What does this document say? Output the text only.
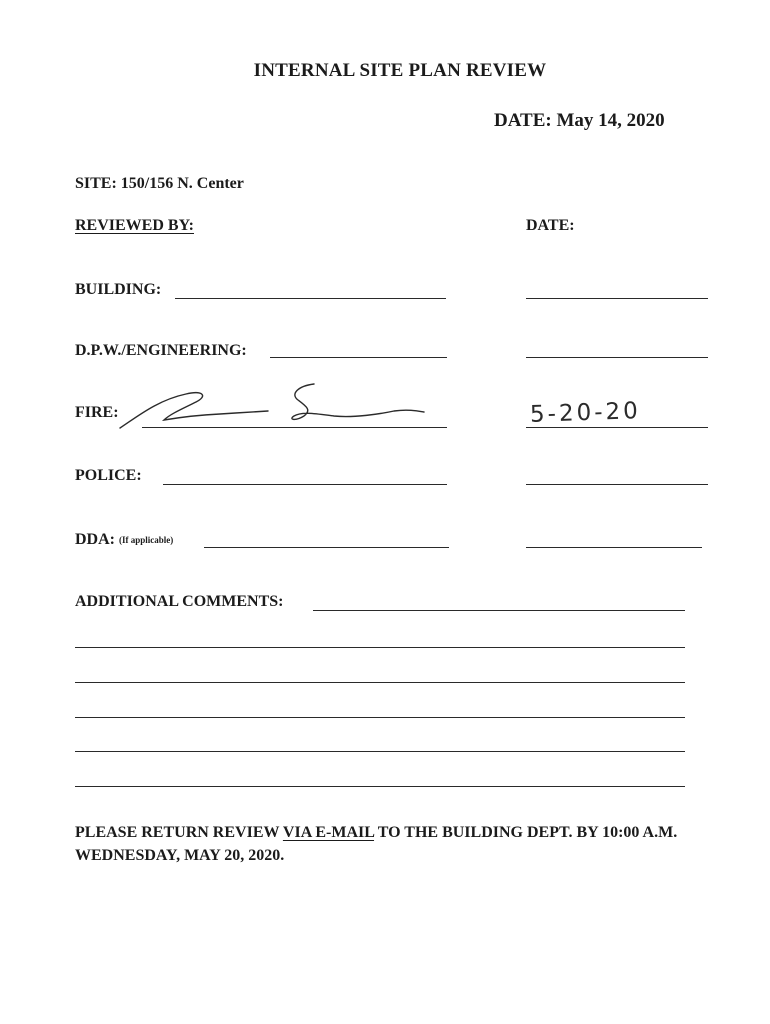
INTERNAL SITE PLAN REVIEW
DATE: May 14, 2020
SITE: 150/156 N. Center
REVIEWED BY:	DATE:
BUILDING:
D.P.W./ENGINEERING:
FIRE:	5-20-20
POLICE:
DDA: (If applicable)
ADDITIONAL COMMENTS:
PLEASE RETURN REVIEW VIA E-MAIL TO THE BUILDING DEPT. BY 10:00 A.M. WEDNESDAY, MAY 20, 2020.
